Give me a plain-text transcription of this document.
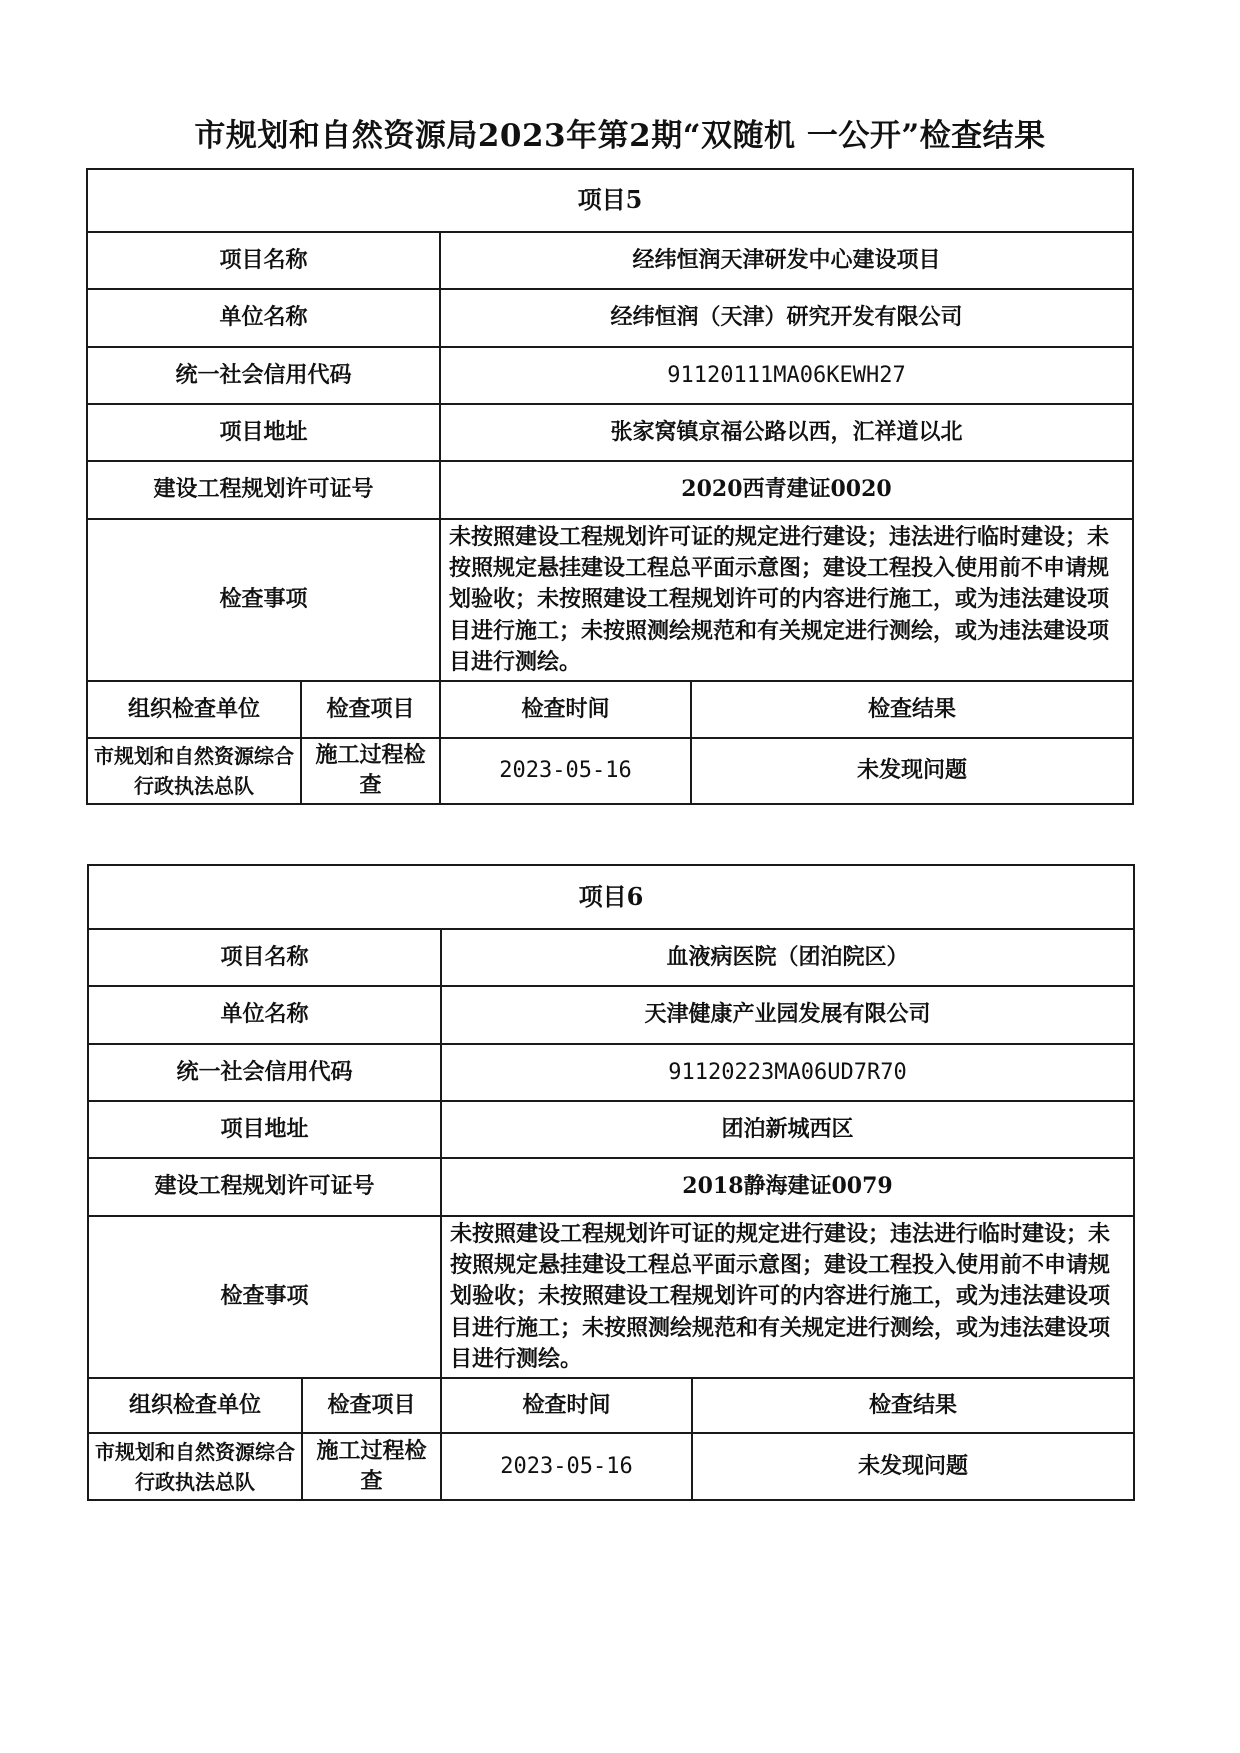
市规划和自然资源局2023年第2期“双随机 一公开”检查结果
项目5			
项目名称		经纬恒润天津研发中心建设项目	
单位名称		经纬恒润（天津）研究开发有限公司	
统一社会信用代码		91120111MA06KEWH27	
项目地址		张家窝镇京福公路以西，汇祥道以北	
建设工程规划许可证号		2020西青建证0020	
检查事项		未按照建设工程规划许可证的规定进行建设；违法进行临时建设；未按照规定悬挂建设工程总平面示意图；建设工程投入使用前不申请规划验收；未按照建设工程规划许可的内容进行施工，或为违法建设项目进行施工；未按照测绘规范和有关规定进行测绘，或为违法建设项目进行测绘。	
组织检查单位	检查项目	检查时间	检查结果
市规划和自然资源综合行政执法总队	施工过程检查	2023-05-16	未发现问题
项目6			
项目名称		血液病医院（团泊院区）	
单位名称		天津健康产业园发展有限公司	
统一社会信用代码		91120223MA06UD7R70	
项目地址		团泊新城西区	
建设工程规划许可证号		2018静海建证0079	
检查事项		未按照建设工程规划许可证的规定进行建设；违法进行临时建设；未按照规定悬挂建设工程总平面示意图；建设工程投入使用前不申请规划验收；未按照建设工程规划许可的内容进行施工，或为违法建设项目进行施工；未按照测绘规范和有关规定进行测绘，或为违法建设项目进行测绘。	
组织检查单位	检查项目	检查时间	检查结果
市规划和自然资源综合行政执法总队	施工过程检查	2023-05-16	未发现问题
